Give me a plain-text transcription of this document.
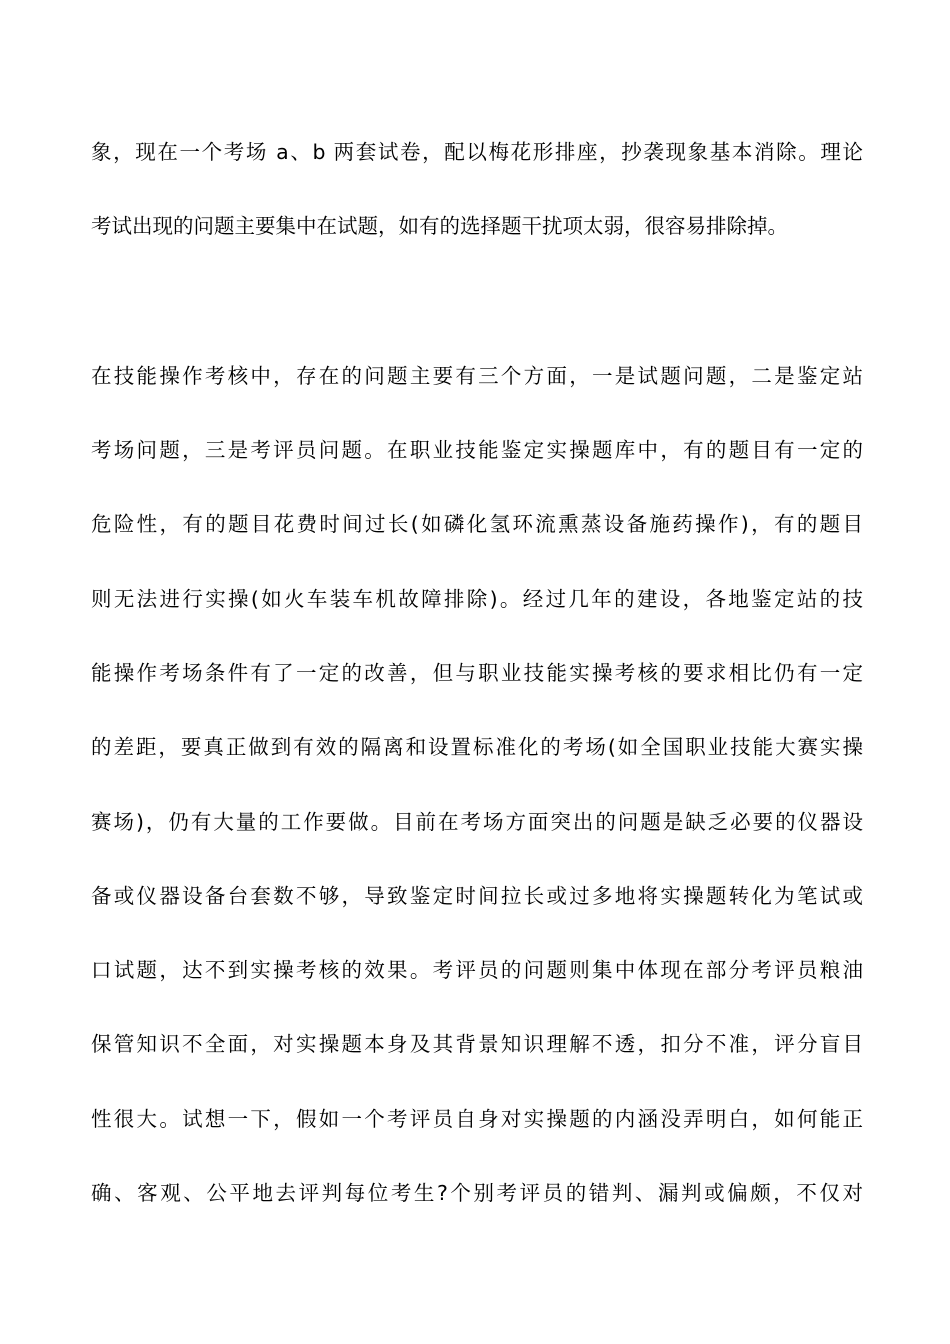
象，现在一个考场 a、b 两套试卷，配以梅花形排座，抄袭现象基本消除。理论
考试出现的问题主要集中在试题，如有的选择题干扰项太弱，很容易排除掉。
在技能操作考核中，存在的问题主要有三个方面，一是试题问题，二是鉴定站
考场问题，三是考评员问题。在职业技能鉴定实操题库中，有的题目有一定的
危险性，有的题目花费时间过长(如磷化氢环流熏蒸设备施药操作)，有的题目
则无法进行实操(如火车装车机故障排除)。经过几年的建设，各地鉴定站的技
能操作考场条件有了一定的改善，但与职业技能实操考核的要求相比仍有一定
的差距，要真正做到有效的隔离和设置标准化的考场(如全国职业技能大赛实操
赛场)，仍有大量的工作要做。目前在考场方面突出的问题是缺乏必要的仪器设
备或仪器设备台套数不够，导致鉴定时间拉长或过多地将实操题转化为笔试或
口试题，达不到实操考核的效果。考评员的问题则集中体现在部分考评员粮油
保管知识不全面，对实操题本身及其背景知识理解不透，扣分不准，评分盲目
性很大。试想一下，假如一个考评员自身对实操题的内涵没弄明白，如何能正
确、客观、公平地去评判每位考生?个别考评员的错判、漏判或偏颇，不仅对
